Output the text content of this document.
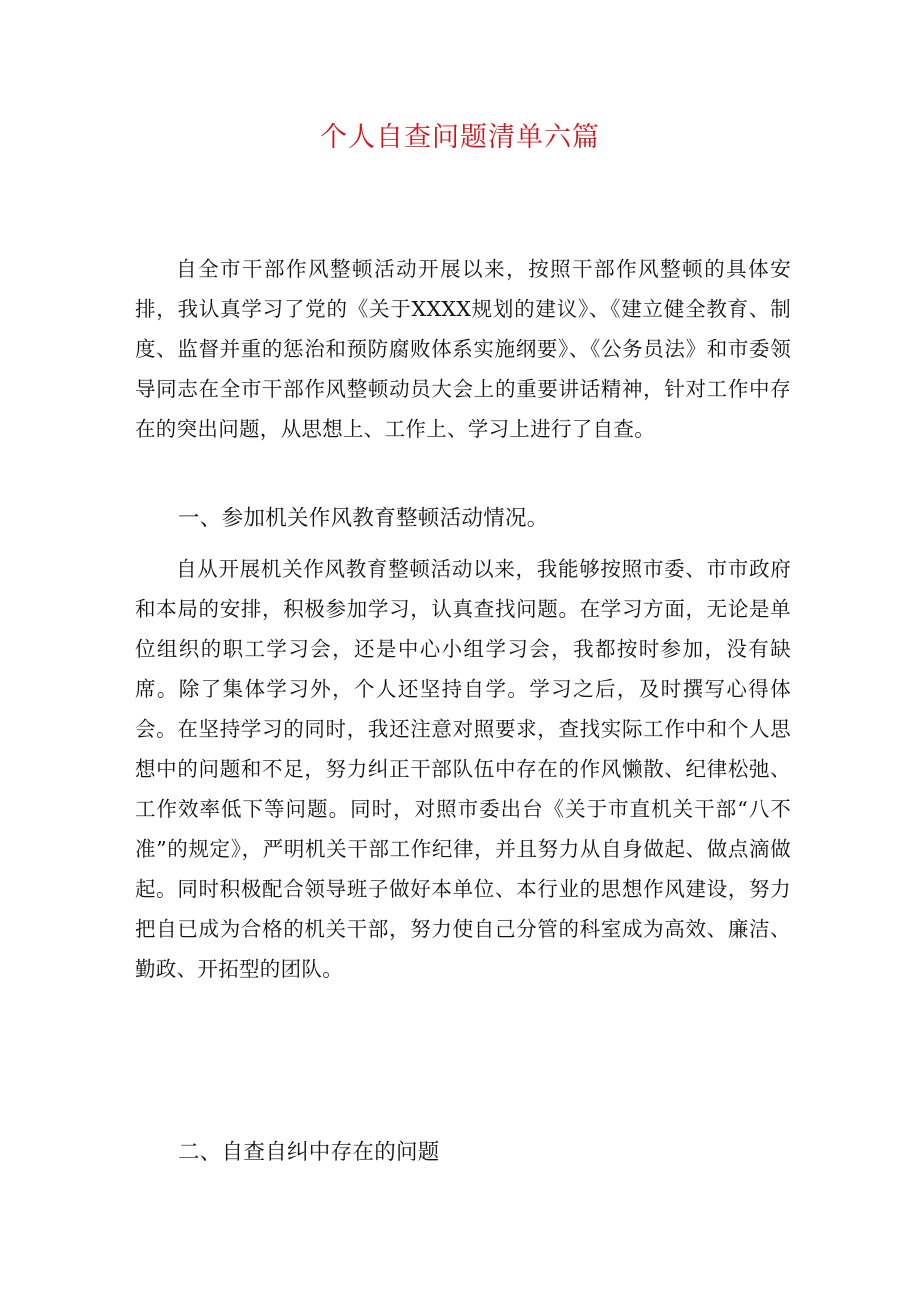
个人自查问题清单六篇

自全市干部作风整顿活动开展以来，按照干部作风整顿的具体安排，我认真学习了党的《关于XXXX规划的建议》、《建立健全教育、制度、监督并重的惩治和预防腐败体系实施纲要》、《公务员法》和市委领导同志在全市干部作风整顿动员大会上的重要讲话精神，针对工作中存在的突出问题，从思想上、工作上、学习上进行了自查。

一、参加机关作风教育整顿活动情况。

自从开展机关作风教育整顿活动以来，我能够按照市委、市市政府和本局的安排，积极参加学习，认真查找问题。在学习方面，无论是单位组织的职工学习会，还是中心小组学习会，我都按时参加，没有缺席。除了集体学习外，个人还坚持自学。学习之后，及时撰写心得体会。在坚持学习的同时，我还注意对照要求，查找实际工作中和个人思想中的问题和不足，努力纠正干部队伍中存在的作风懒散、纪律松弛、工作效率低下等问题。同时，对照市委出台《关于市直机关干部“八不准”的规定》，严明机关干部工作纪律，并且努力从自身做起、做点滴做起。同时积极配合领导班子做好本单位、本行业的思想作风建设，努力把自已成为合格的机关干部，努力使自己分管的科室成为高效、廉洁、勤政、开拓型的团队。

二、自查自纠中存在的问题
